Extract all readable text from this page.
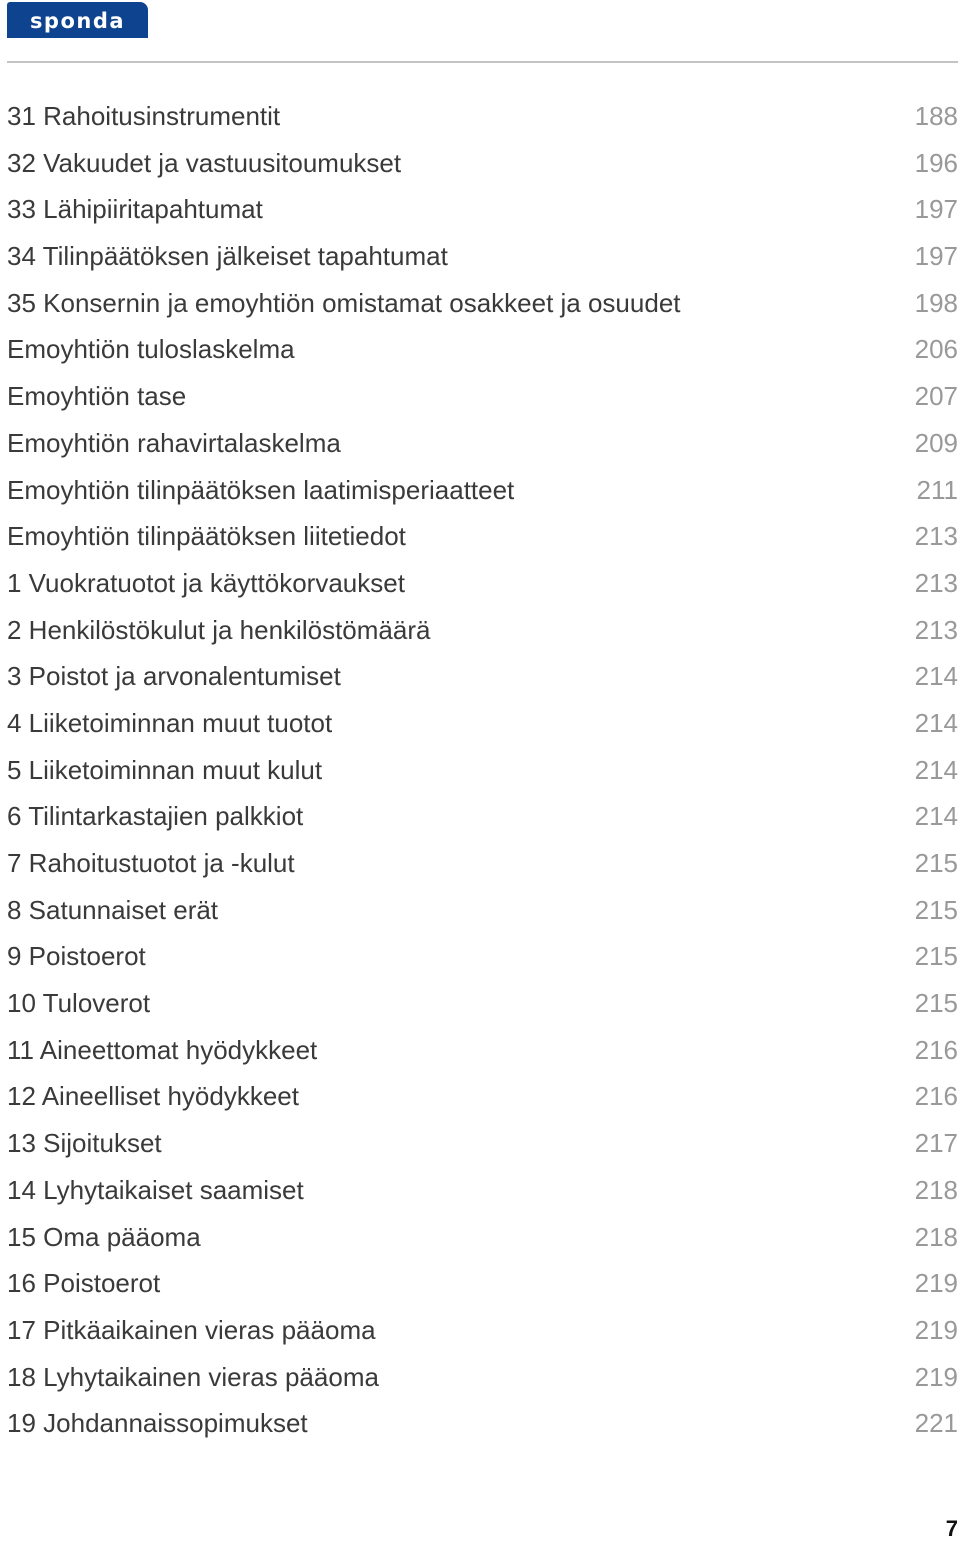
sponda
31 Rahoitusinstrumentit	188
32 Vakuudet ja vastuusitoumukset	196
33 Lähipiiritapahtumat	197
34 Tilinpäätöksen jälkeiset tapahtumat	197
35 Konsernin ja emoyhtiön omistamat osakkeet ja osuudet	198
Emoyhtiön tuloslaskelma	206
Emoyhtiön tase	207
Emoyhtiön rahavirtalaskelma	209
Emoyhtiön tilinpäätöksen laatimisperiaatteet	211
Emoyhtiön tilinpäätöksen liitetiedot	213
1 Vuokratuotot ja käyttökorvaukset	213
2 Henkilöstökulut ja henkilöstömäärä	213
3 Poistot ja arvonalentumiset	214
4 Liiketoiminnan muut tuotot	214
5 Liiketoiminnan muut kulut	214
6 Tilintarkastajien palkkiot	214
7 Rahoitustuotot ja -kulut	215
8 Satunnaiset erät	215
9 Poistoerot	215
10 Tuloverot	215
11 Aineettomat hyödykkeet	216
12 Aineelliset hyödykkeet	216
13 Sijoitukset	217
14 Lyhytaikaiset saamiset	218
15 Oma pääoma	218
16 Poistoerot	219
17 Pitkäaikainen vieras pääoma	219
18 Lyhytaikainen vieras pääoma	219
19 Johdannaissopimukset	221
7
